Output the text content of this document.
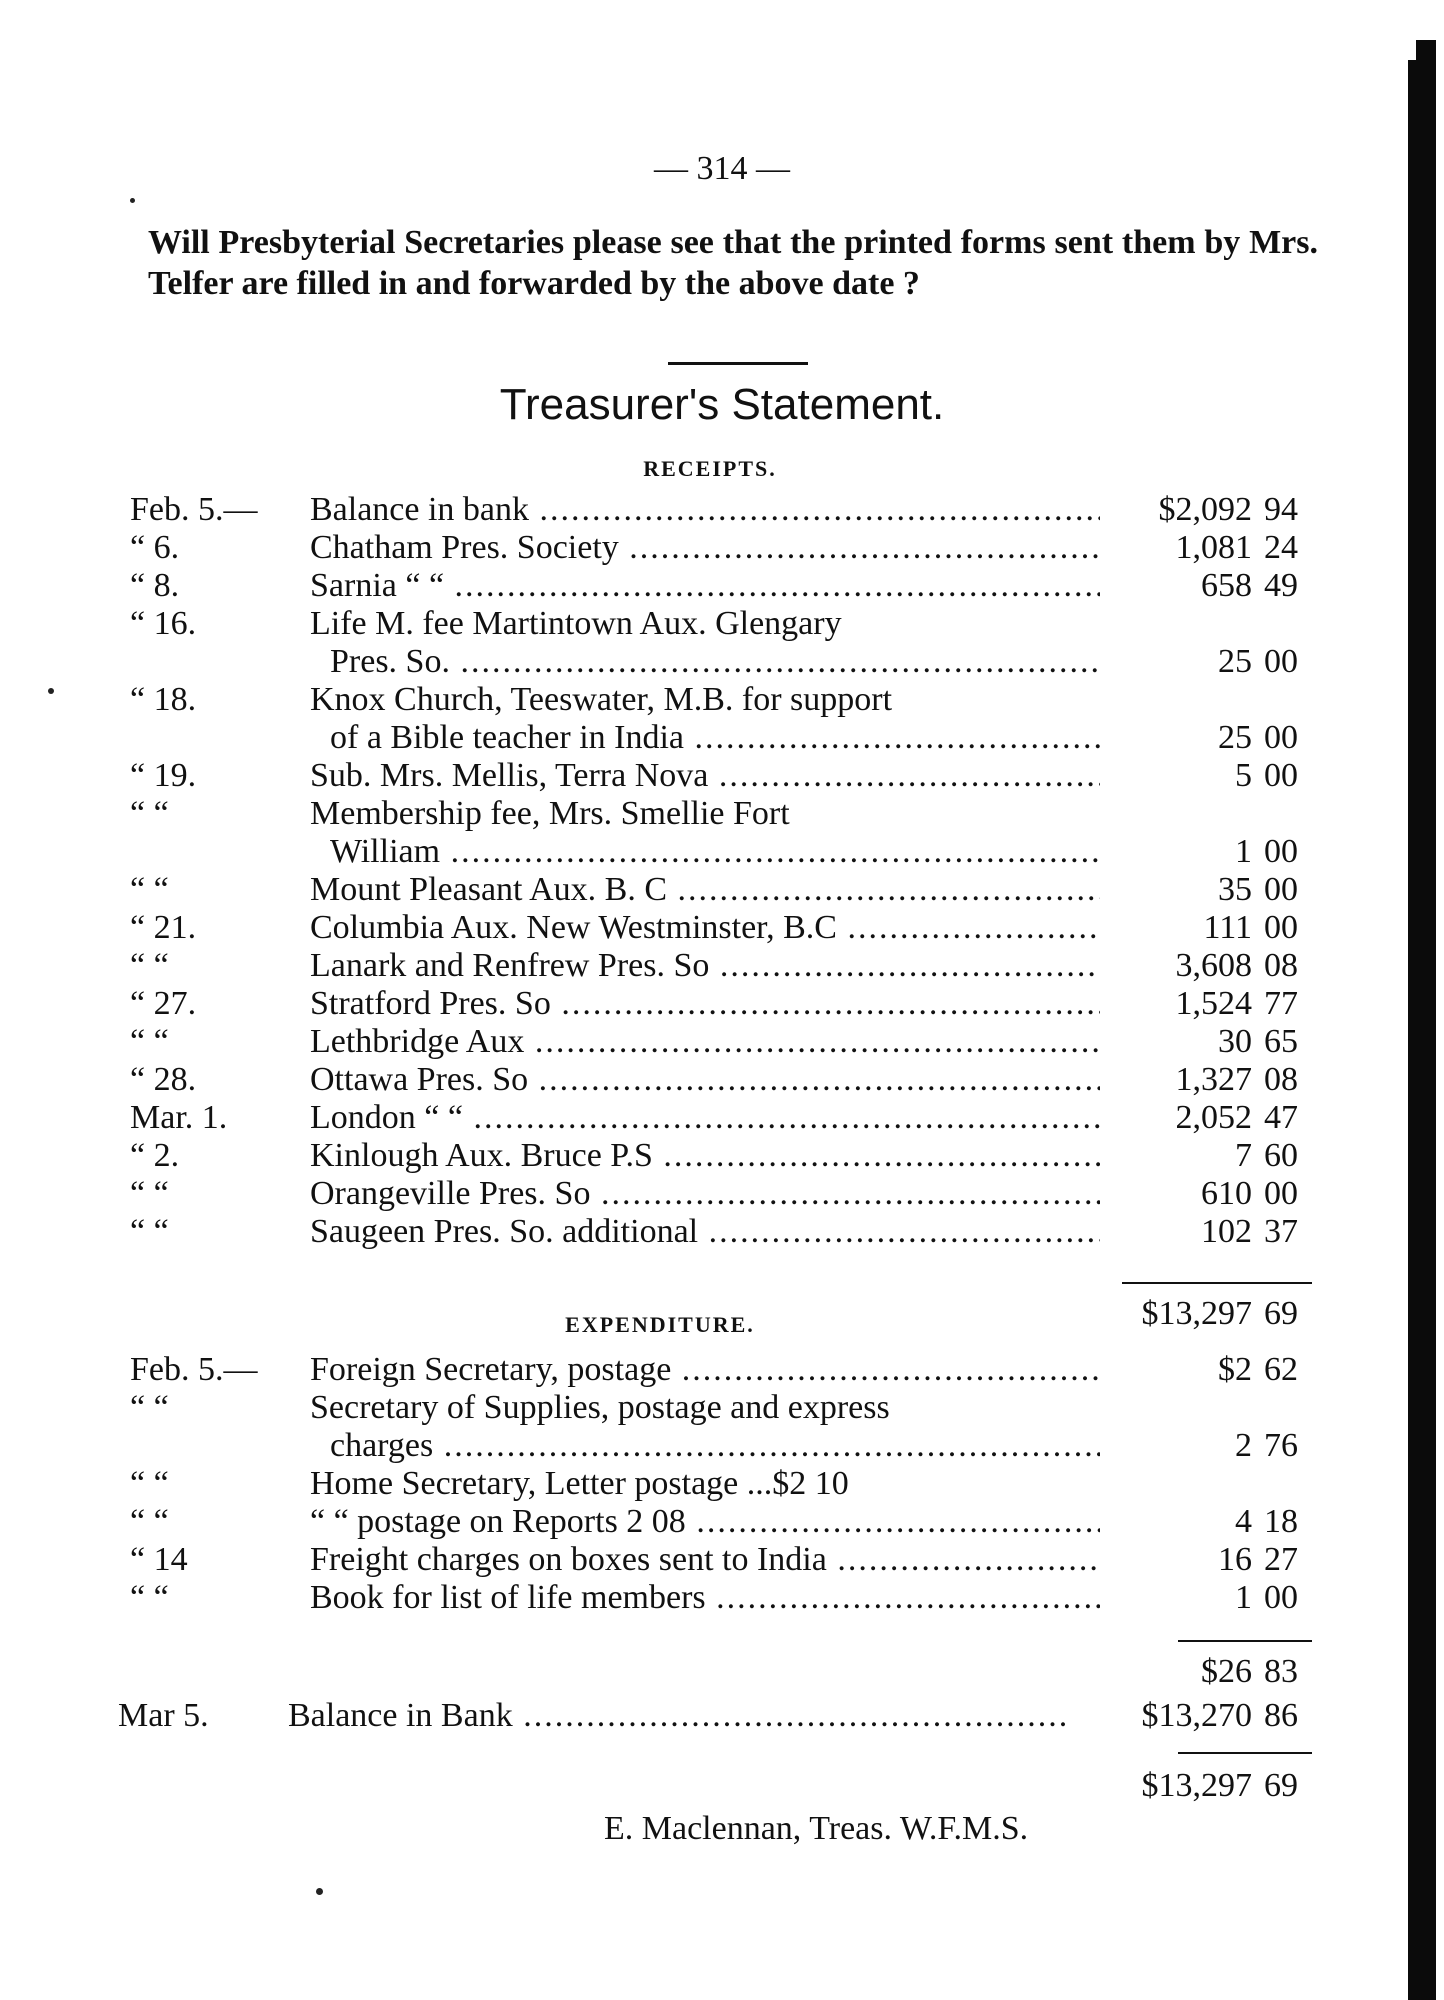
— 314 —
Will Presbyterial Secretaries please see that the printed forms sent them by Mrs. Telfer are filled in and forwarded by the above date ?
Treasurer's Statement.
RECEIPTS.
Feb. 5.— Balance in bank .....	$2,092 94
“ 6.	Chatham Pres. Society .....	1,081 24
“ 8.	Sarnia “ “ .....	658 49
“ 16.	Life M. fee Martintown Aux. Glengary
Pres. So. .....	25 00
“ 18.	Knox Church, Teeswater, M.B. for support
of a Bible teacher in India .....	25 00
“ 19.	Sub. Mrs. Mellis, Terra Nova .....	5 00
“ “	Membership fee, Mrs. Smellie Fort
William .....	1 00
“ “	Mount Pleasant Aux. B. C .....	35 00
“ 21.	Columbia Aux. New Westminster, B.C .....	111 00
“ “	Lanark and Renfrew Pres. So .....	3,608 08
“ 27.	Stratford Pres. So .....	1,524 77
“ “	Lethbridge Aux .....	30 65
“ 28.	Ottawa Pres. So .....	1,327 08
Mar. 1. London “ “ .....	2,052 47
“ 2.	Kinlough Aux. Bruce P.S .....	7 60
“ “	Orangeville Pres. So .....	610 00
“ “	Saugeen Pres. So. additional .....	102 37
$13,297 69
EXPENDITURE.
Feb. 5.— Foreign Secretary, postage .....	$2 62
“ “	Secretary of Supplies, postage and express
charges .....	2 76
“ “	Home Secretary, Letter postage ...$2 10
“ “	“ “ postage on Reports 2 08 .....	4 18
“ 14	Freight charges on boxes sent to India .....	16 27
“ “	Book for list of life members .....	1 00
$26 83
Mar 5. Balance in Bank .....	$13,270 86
$13,297 69
E. Maclennan, Treas. W.F.M.S.
